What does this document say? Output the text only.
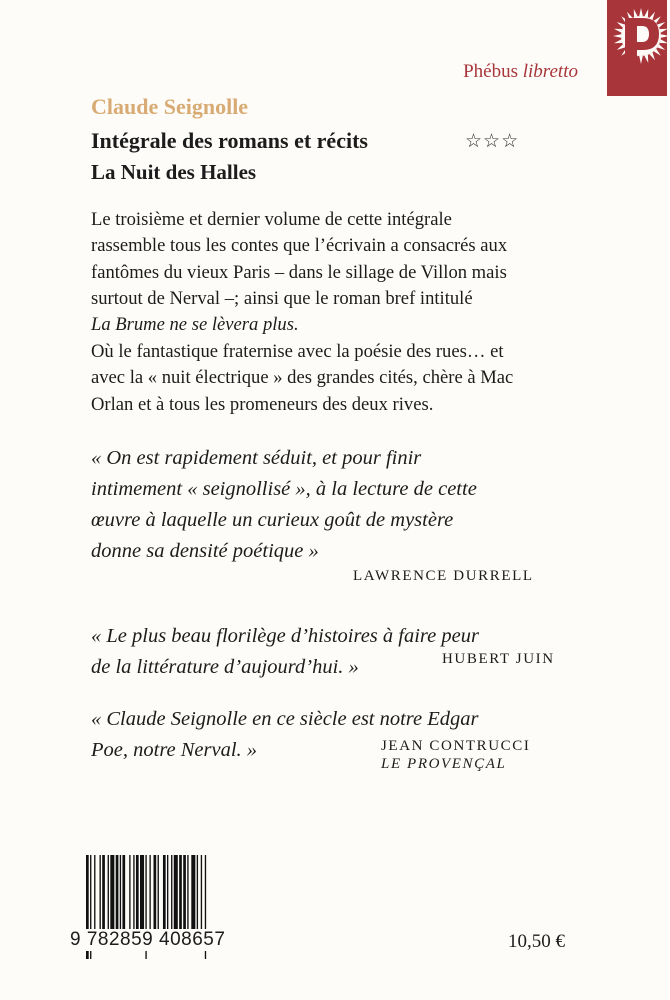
Phébus libretto
Claude Seignolle
Intégrale des romans et récits	☆☆☆
La Nuit des Halles
Le troisième et dernier volume de cette intégrale
rassemble tous les contes que l’écrivain a consacrés aux
fantômes du vieux Paris – dans le sillage de Villon mais
surtout de Nerval –; ainsi que le roman bref intitulé
La Brume ne se lèvera plus.
Où le fantastique fraternise avec la poésie des rues… et
avec la « nuit électrique » des grandes cités, chère à Mac
Orlan et à tous les promeneurs des deux rives.
« On est rapidement séduit, et pour finir
intimement « seignollisé », à la lecture de cette
œuvre à laquelle un curieux goût de mystère
donne sa densité poétique »
LAWRENCE DURRELL
« Le plus beau florilège d’histoires à faire peur
de la littérature d’aujourd’hui. »	HUBERT JUIN
« Claude Seignolle en ce siècle est notre Edgar
Poe, notre Nerval. »	JEAN CONTRUCCI
LE PROVENÇAL
9 782859 408657	10,50 €
